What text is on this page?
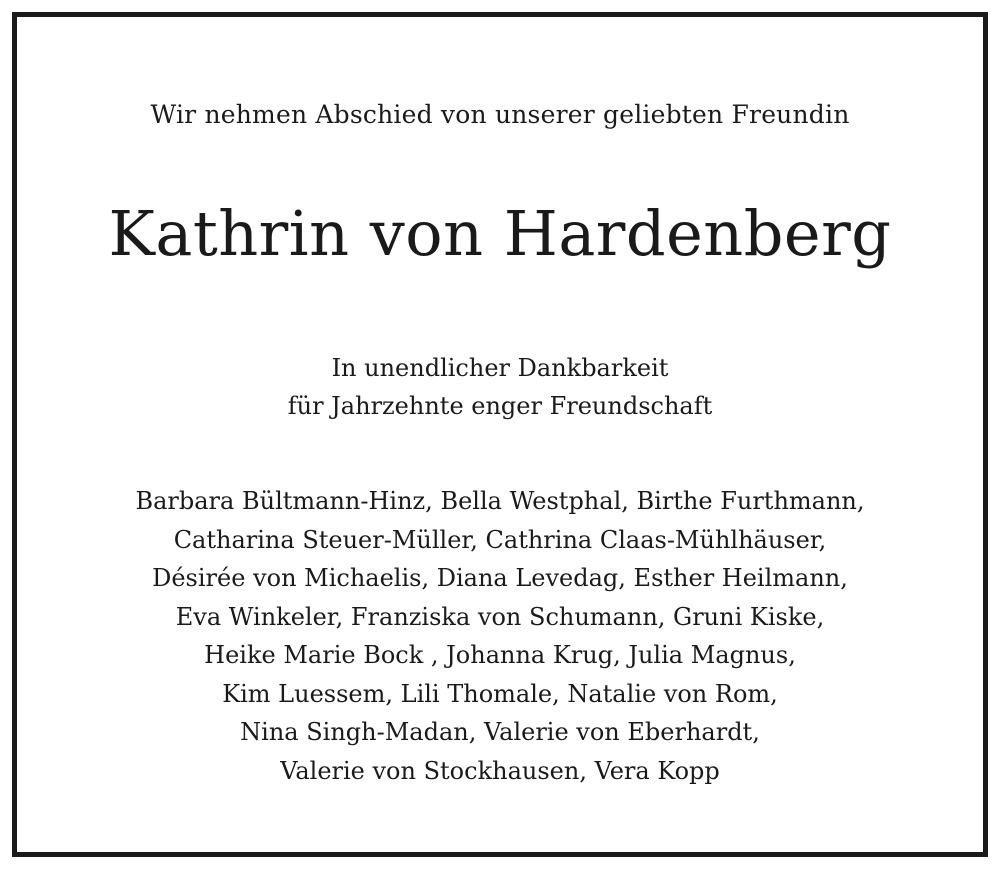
Wir nehmen Abschied von unserer geliebten Freundin
Kathrin von Hardenberg
In unendlicher Dankbarkeit
für Jahrzehnte enger Freundschaft
Barbara Bültmann-Hinz, Bella Westphal, Birthe Furthmann,
Catharina Steuer-Müller, Cathrina Claas-Mühlhäuser,
Désirée von Michaelis, Diana Levedag, Esther Heilmann,
Eva Winkeler, Franziska von Schumann, Gruni Kiske,
Heike Marie Bock , Johanna Krug, Julia Magnus,
Kim Luessem, Lili Thomale, Natalie von Rom,
Nina Singh-Madan, Valerie von Eberhardt,
Valerie von Stockhausen, Vera Kopp
